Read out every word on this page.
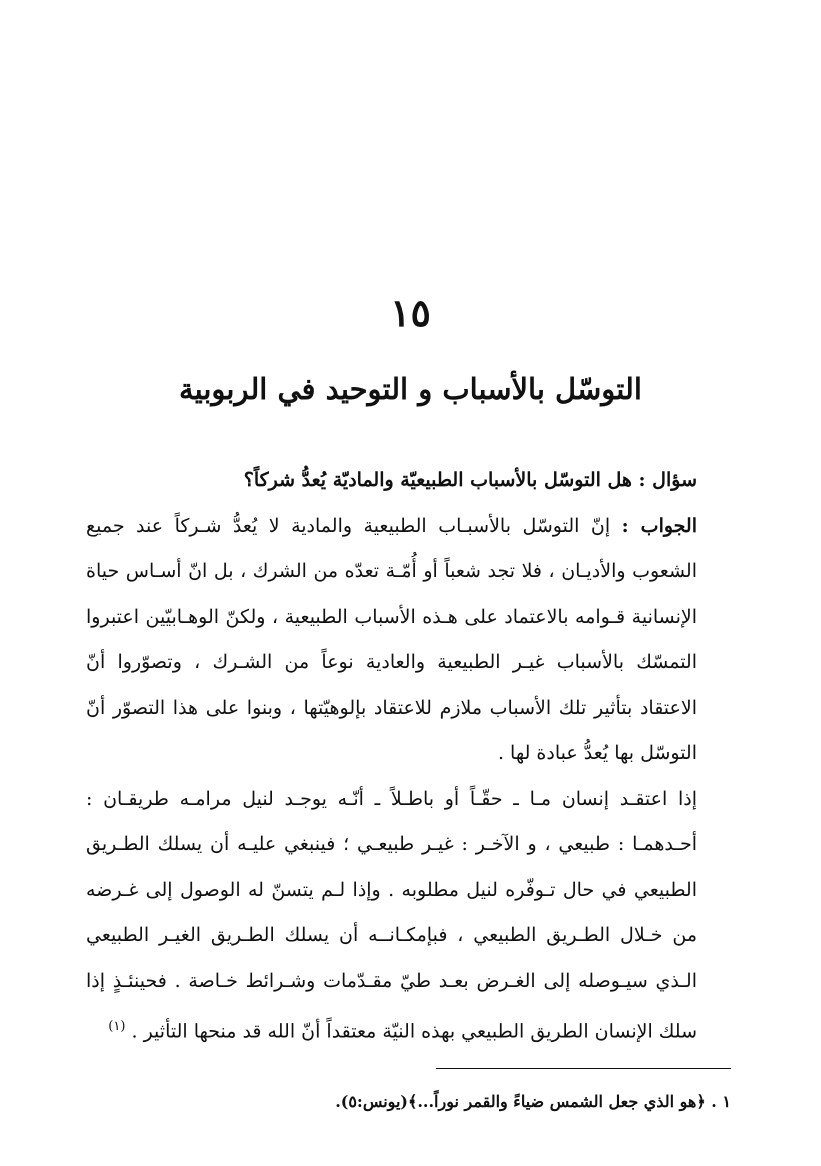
١٥
التوسّل بالأسباب و التوحيد في الربوبية

سؤال : هل التوسّل بالأسباب الطبيعيّة والماديّة يُعدُّ شركاً؟

الجواب : إنّ التوسّل بالأسبـاب الطبيعية والمادية لا يُعدُّ شـركاً عند جميع الشعوب والأديـان ، فلا تجد شعباً أو أُمّـة تعدّه من الشرك ، بل انّ أسـاس حياة الإنسانية قـوامه بالاعتماد على هـذه الأسباب الطبيعية ، ولكنّ الوهـابيّين اعتبروا التمسّك بالأسباب غيـر الطبيعية والعادية نوعاً من الشـرك ، وتصوّروا أنّ الاعتقاد بتأثير تلك الأسباب ملازم للاعتقاد بإلوهيّتها ، وبنوا على هذا التصوّر أنّ التوسّل بها يُعدُّ عبادة لها .

إذا اعتقـد إنسان مـا ـ حقّـاً أو باطـلاً ـ أنّـه يوجـد لنيل مرامـه طريقـان : أحـدهمـا : طبيعي ، و الآخـر : غيـر طبيعـي ؛ فينبغي عليـه أن يسلك الطـريق الطبيعي في حال تـوفّره لنيل مطلوبه . وإذا لـم يتسنّ له الوصول إلى غـرضه من خـلال الطـريق الطبيعي ، فبإمكـانــه أن يسلك الطـريق الغيـر الطبيعي الـذي سيـوصله إلى الغـرض بعـد طيّ مقـدّمات وشـرائط خـاصة . فحينئـذٍ إذا سلك الإنسان الطريق الطبيعي بهذه النيّة معتقداً أنّ الله قد منحها التأثير . $^{(١)}$

١ . ﴿هو الذي جعل الشمس ضياءً والقمر نوراً...﴾(يونس:٥).
